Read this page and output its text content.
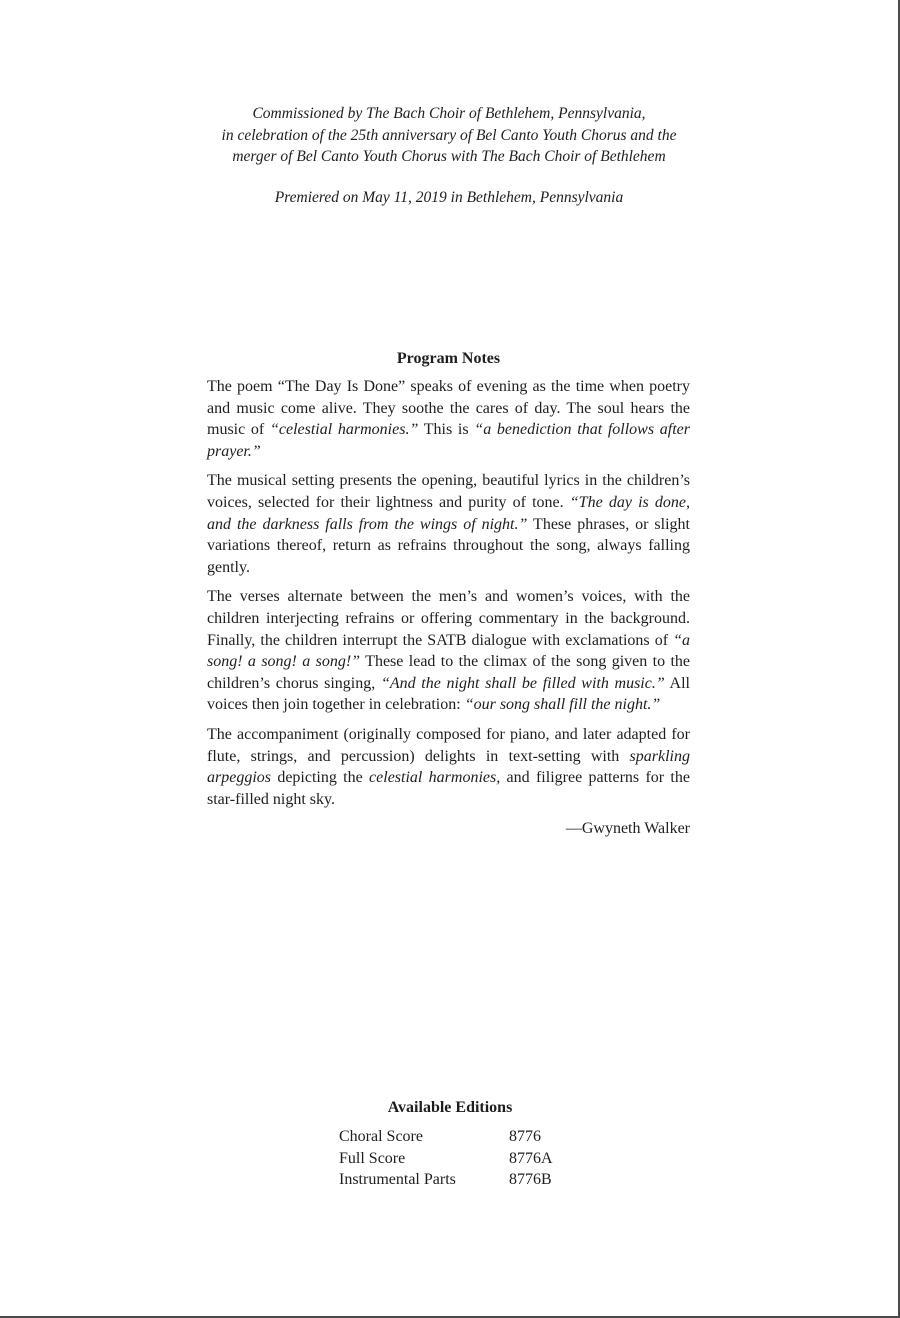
Commissioned by The Bach Choir of Bethlehem, Pennsylvania,
in celebration of the 25th anniversary of Bel Canto Youth Chorus and the
merger of Bel Canto Youth Chorus with The Bach Choir of Bethlehem
Premiered on May 11, 2019 in Bethlehem, Pennsylvania
Program Notes

The poem “The Day Is Done” speaks of evening as the time when poetry and music come alive. They soothe the cares of day. The soul hears the music of “celestial harmonies.” This is “a benediction that follows after prayer.”

The musical setting presents the opening, beautiful lyrics in the children’s voices, selected for their lightness and purity of tone. “The day is done, and the darkness falls from the wings of night.” These phrases, or slight variations thereof, return as refrains throughout the song, always falling gently.

The verses alternate between the men’s and women’s voices, with the children interjecting refrains or offering commentary in the background. Finally, the children interrupt the SATB dialogue with exclamations of “a song! a song! a song!” These lead to the climax of the song given to the children’s chorus singing, “And the night shall be filled with music.” All voices then join together in celebration: “our song shall fill the night.”

The accompaniment (originally composed for piano, and later adapted for flute, strings, and percussion) delights in text-setting with sparkling arpeggios depicting the celestial harmonies, and filigree patterns for the star-filled night sky.

—Gwyneth Walker
Available Editions
Choral Score	8776
Full Score	8776A
Instrumental Parts	8776B
